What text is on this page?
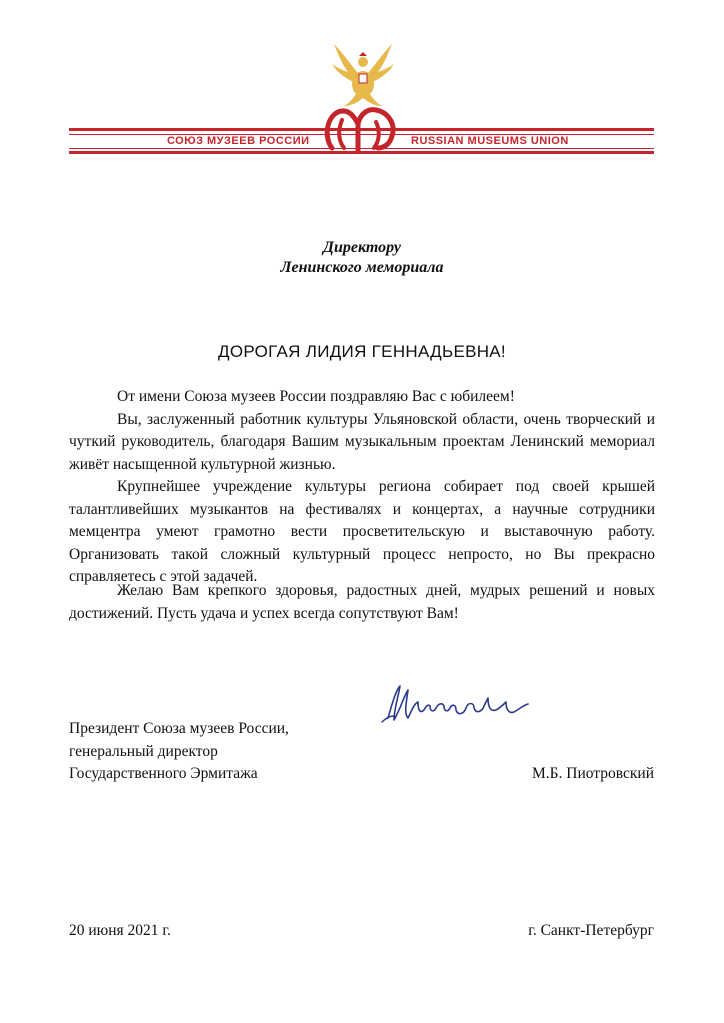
СОЮЗ МУЗЕЕВ РОССИИ	RUSSIAN MUSEUMS UNION
Директору
Ленинского мемориала
ДОРОГАЯ ЛИДИЯ ГЕННАДЬЕВНА!

От имени Союза музеев России поздравляю Вас с юбилеем!

Вы, заслуженный работник культуры Ульяновской области, очень творческий и чуткий руководитель, благодаря Вашим музыкальным проектам Ленинский мемориал живёт насыщенной культурной жизнью.

Крупнейшее учреждение культуры региона собирает под своей крышей талантливейших музыкантов на фестивалях и концертах, а научные сотрудники мемцентра умеют грамотно вести просветительскую и выставочную работу. Организовать такой сложный культурный процесс непросто, но Вы прекрасно справляетесь с этой задачей.

Желаю Вам крепкого здоровья, радостных дней, мудрых решений и новых достижений. Пусть удача и успех всегда сопутствуют Вам!

Президент Союза музеев России,
генеральный директор
Государственного Эрмитажа	М.Б. Пиотровский
20 июня 2021 г.	г. Санкт-Петербург
